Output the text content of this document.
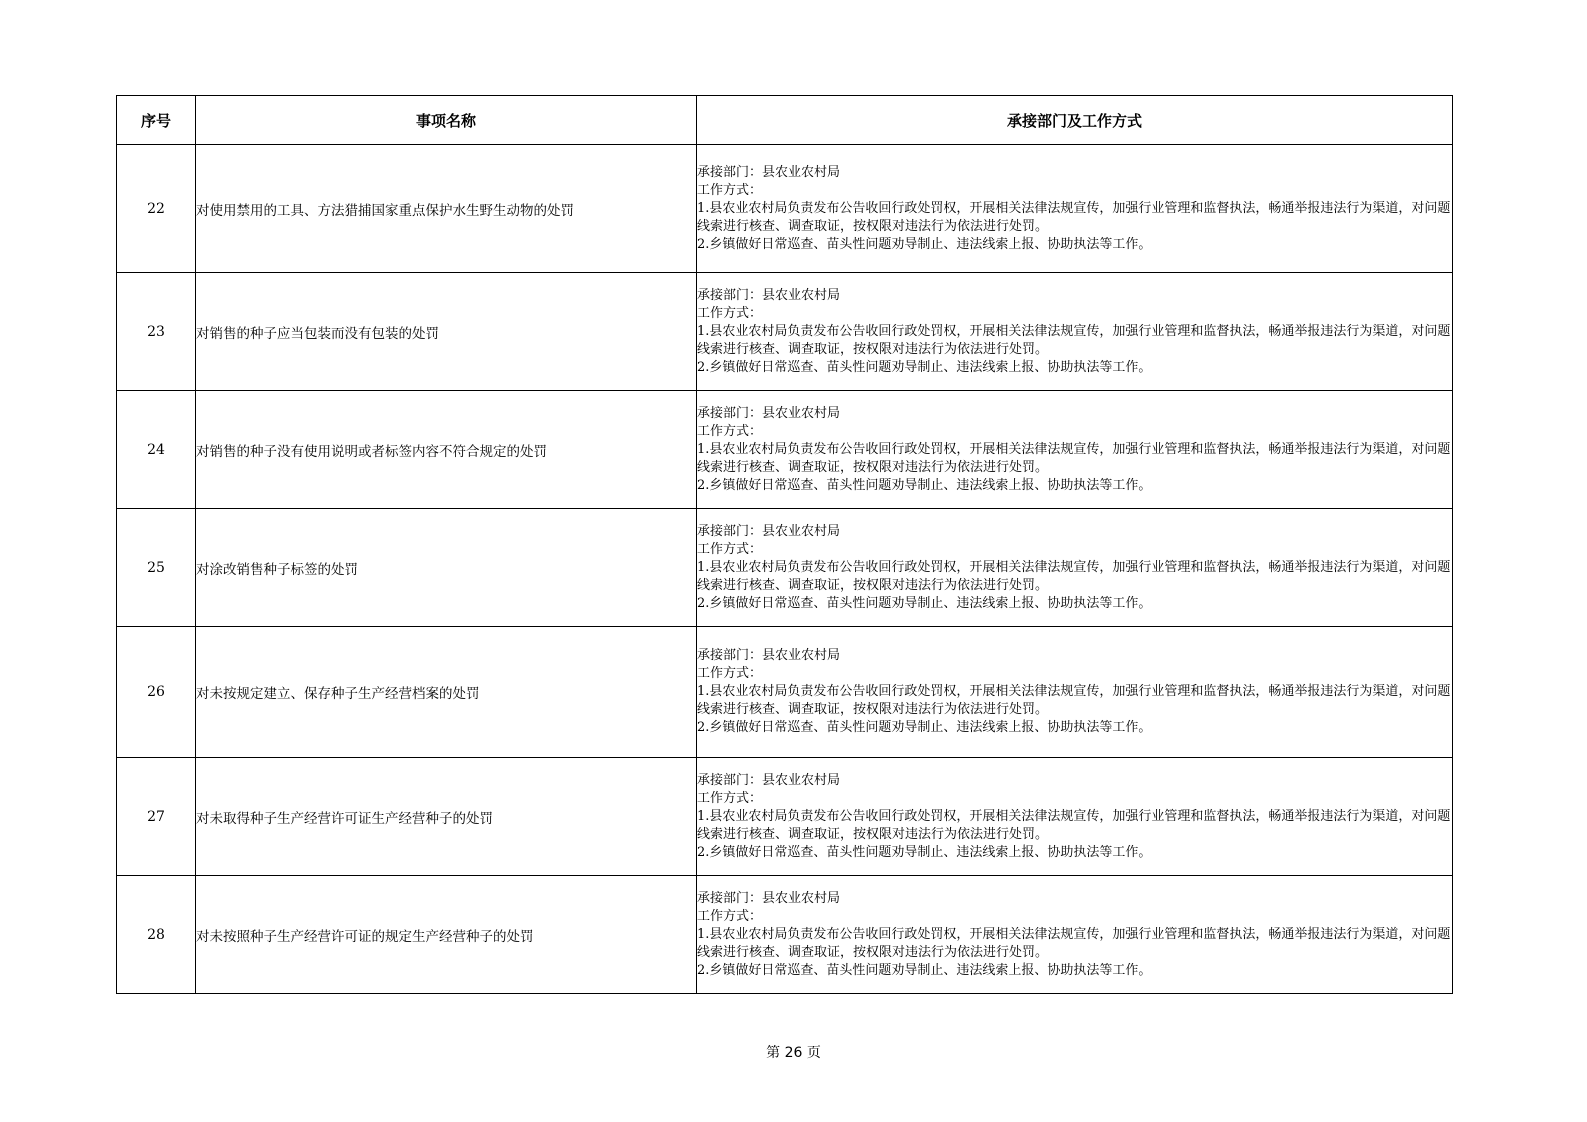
序号	事项名称	承接部门及工作方式
22	对使用禁用的工具、方法猎捕国家重点保护水生野生动物的处罚	承接部门：县农业农村局
工作方式：
1.县农业农村局负责发布公告收回行政处罚权，开展相关法律法规宣传，加强行业管理和监督执法，畅通举报违法行为渠道，对问题线索进行核查、调查取证，按权限对违法行为依法进行处罚。
2.乡镇做好日常巡查、苗头性问题劝导制止、违法线索上报、协助执法等工作。

23	对销售的种子应当包装而没有包装的处罚	承接部门：县农业农村局
工作方式：
1.县农业农村局负责发布公告收回行政处罚权，开展相关法律法规宣传，加强行业管理和监督执法，畅通举报违法行为渠道，对问题线索进行核查、调查取证，按权限对违法行为依法进行处罚。
2.乡镇做好日常巡查、苗头性问题劝导制止、违法线索上报、协助执法等工作。

24	对销售的种子没有使用说明或者标签内容不符合规定的处罚	承接部门：县农业农村局
工作方式：
1.县农业农村局负责发布公告收回行政处罚权，开展相关法律法规宣传，加强行业管理和监督执法，畅通举报违法行为渠道，对问题线索进行核查、调查取证，按权限对违法行为依法进行处罚。
2.乡镇做好日常巡查、苗头性问题劝导制止、违法线索上报、协助执法等工作。

25	对涂改销售种子标签的处罚	承接部门：县农业农村局
工作方式：
1.县农业农村局负责发布公告收回行政处罚权，开展相关法律法规宣传，加强行业管理和监督执法，畅通举报违法行为渠道，对问题线索进行核查、调查取证，按权限对违法行为依法进行处罚。
2.乡镇做好日常巡查、苗头性问题劝导制止、违法线索上报、协助执法等工作。

26	对未按规定建立、保存种子生产经营档案的处罚	承接部门：县农业农村局
工作方式：
1.县农业农村局负责发布公告收回行政处罚权，开展相关法律法规宣传，加强行业管理和监督执法，畅通举报违法行为渠道，对问题线索进行核查、调查取证，按权限对违法行为依法进行处罚。
2.乡镇做好日常巡查、苗头性问题劝导制止、违法线索上报、协助执法等工作。

27	对未取得种子生产经营许可证生产经营种子的处罚	承接部门：县农业农村局
工作方式：
1.县农业农村局负责发布公告收回行政处罚权，开展相关法律法规宣传，加强行业管理和监督执法，畅通举报违法行为渠道，对问题线索进行核查、调查取证，按权限对违法行为依法进行处罚。
2.乡镇做好日常巡查、苗头性问题劝导制止、违法线索上报、协助执法等工作。

28	对未按照种子生产经营许可证的规定生产经营种子的处罚	承接部门：县农业农村局
工作方式：
1.县农业农村局负责发布公告收回行政处罚权，开展相关法律法规宣传，加强行业管理和监督执法，畅通举报违法行为渠道，对问题线索进行核查、调查取证，按权限对违法行为依法进行处罚。
2.乡镇做好日常巡查、苗头性问题劝导制止、违法线索上报、协助执法等工作。
第 26 页
